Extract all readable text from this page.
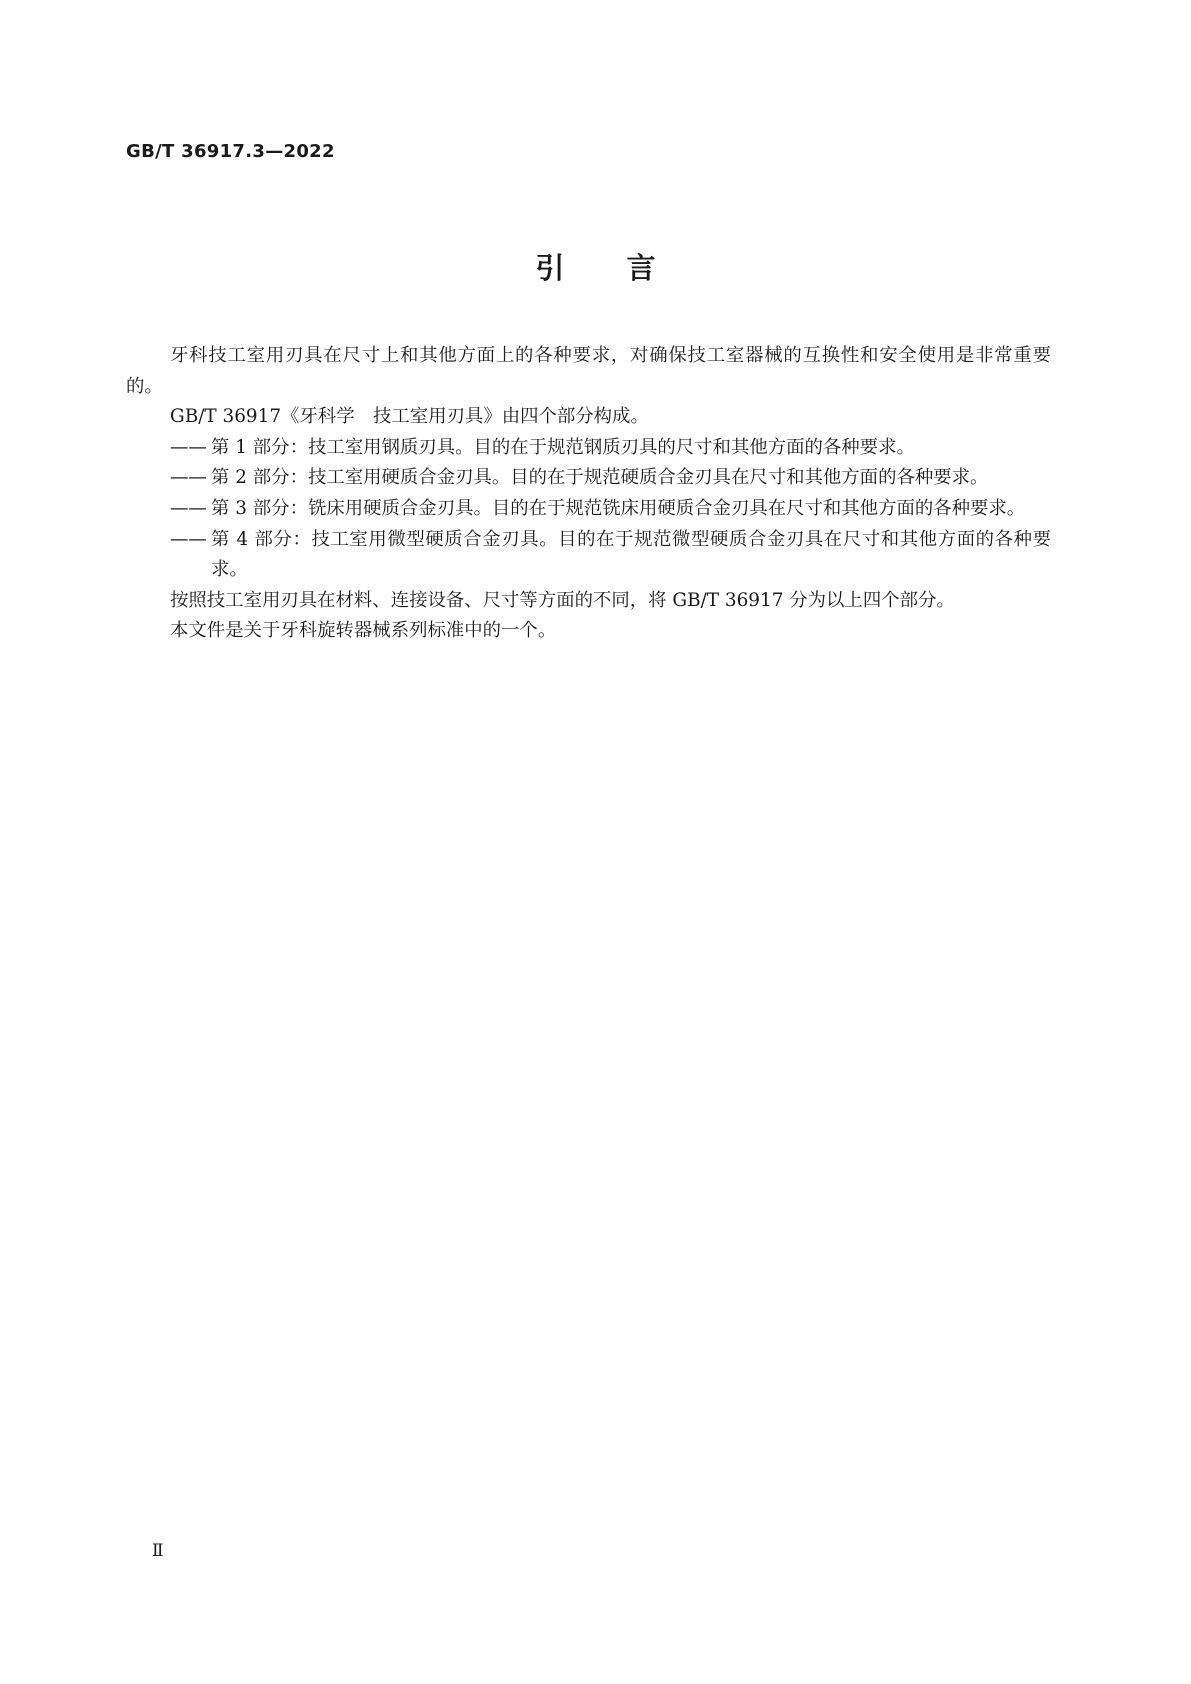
GB/T 36917.3—2022
引言

牙科技工室用刃具在尺寸上和其他方面上的各种要求，对确保技工室器械的互换性和安全使用是非常重要的。

GB/T 36917《牙科学　技工室用刃具》由四个部分构成。

—— 第 1 部分：技工室用钢质刃具。目的在于规范钢质刃具的尺寸和其他方面的各种要求。

—— 第 2 部分：技工室用硬质合金刃具。目的在于规范硬质合金刃具在尺寸和其他方面的各种要求。

—— 第 3 部分：铣床用硬质合金刃具。目的在于规范铣床用硬质合金刃具在尺寸和其他方面的各种要求。

—— 第 4 部分：技工室用微型硬质合金刃具。目的在于规范微型硬质合金刃具在尺寸和其他方面的各种要求。

按照技工室用刃具在材料、连接设备、尺寸等方面的不同，将 GB/T 36917 分为以上四个部分。

本文件是关于牙科旋转器械系列标准中的一个。

Ⅱ
